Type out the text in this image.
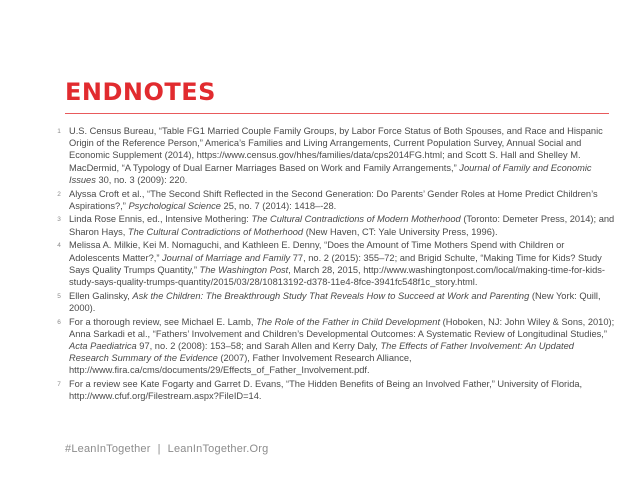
ENDNOTES
1 U.S. Census Bureau, “Table FG1 Married Couple Family Groups, by Labor Force Status of Both Spouses, and Race and Hispanic Origin of the Reference Person,” America’s Families and Living Arrangements, Current Population Survey, Annual Social and Economic Supplement (2014), https://www.census.gov/hhes/families/data/cps2014FG.html; and Scott S. Hall and Shelley M. MacDermid, “A Typology of Dual Earner Marriages Based on Work and Family Arrangements,” Journal of Family and Economic Issues 30, no. 3 (2009): 220.
2 Alyssa Croft et al., “The Second Shift Reflected in the Second Generation: Do Parents’ Gender Roles at Home Predict Children’s Aspirations?,” Psychological Science 25, no. 7 (2014): 1418–-28.
3 Linda Rose Ennis, ed., Intensive Mothering: The Cultural Contradictions of Modern Motherhood (Toronto: Demeter Press, 2014); and Sharon Hays, The Cultural Contradictions of Motherhood (New Haven, CT: Yale University Press, 1996).
4 Melissa A. Milkie, Kei M. Nomaguchi, and Kathleen E. Denny, “Does the Amount of Time Mothers Spend with Children or Adolescents Matter?,” Journal of Marriage and Family 77, no. 2 (2015): 355–72; and Brigid Schulte, “Making Time for Kids? Study Says Quality Trumps Quantity,” The Washington Post, March 28, 2015, http://www.washingtonpost.com/local/making-time-for-kids-study-says-quality-trumps-quantity/2015/03/28/10813192-d378-11e4-8fce-3941fc548f1c_story.html.
5 Ellen Galinsky, Ask the Children: The Breakthrough Study That Reveals How to Succeed at Work and Parenting (New York: Quill, 2000).
6 For a thorough review, see Michael E. Lamb, The Role of the Father in Child Development (Hoboken, NJ: John Wiley & Sons, 2010); Anna Sarkadi et al., “Fathers’ Involvement and Children’s Developmental Outcomes: A Systematic Review of Longitudinal Studies,” Acta Paediatrica 97, no. 2 (2008): 153–58; and Sarah Allen and Kerry Daly, The Effects of Father Involvement: An Updated Research Summary of the Evidence (2007), Father Involvement Research Alliance, http://www.fira.ca/cms/documents/29/Effects_of_Father_Involvement.pdf.
7 For a review see Kate Fogarty and Garret D. Evans, “The Hidden Benefits of Being an Involved Father,” University of Florida, http://www.cfuf.org/Filestream.aspx?FileID=14.
#LeanInTogether | LeanInTogether.Org
